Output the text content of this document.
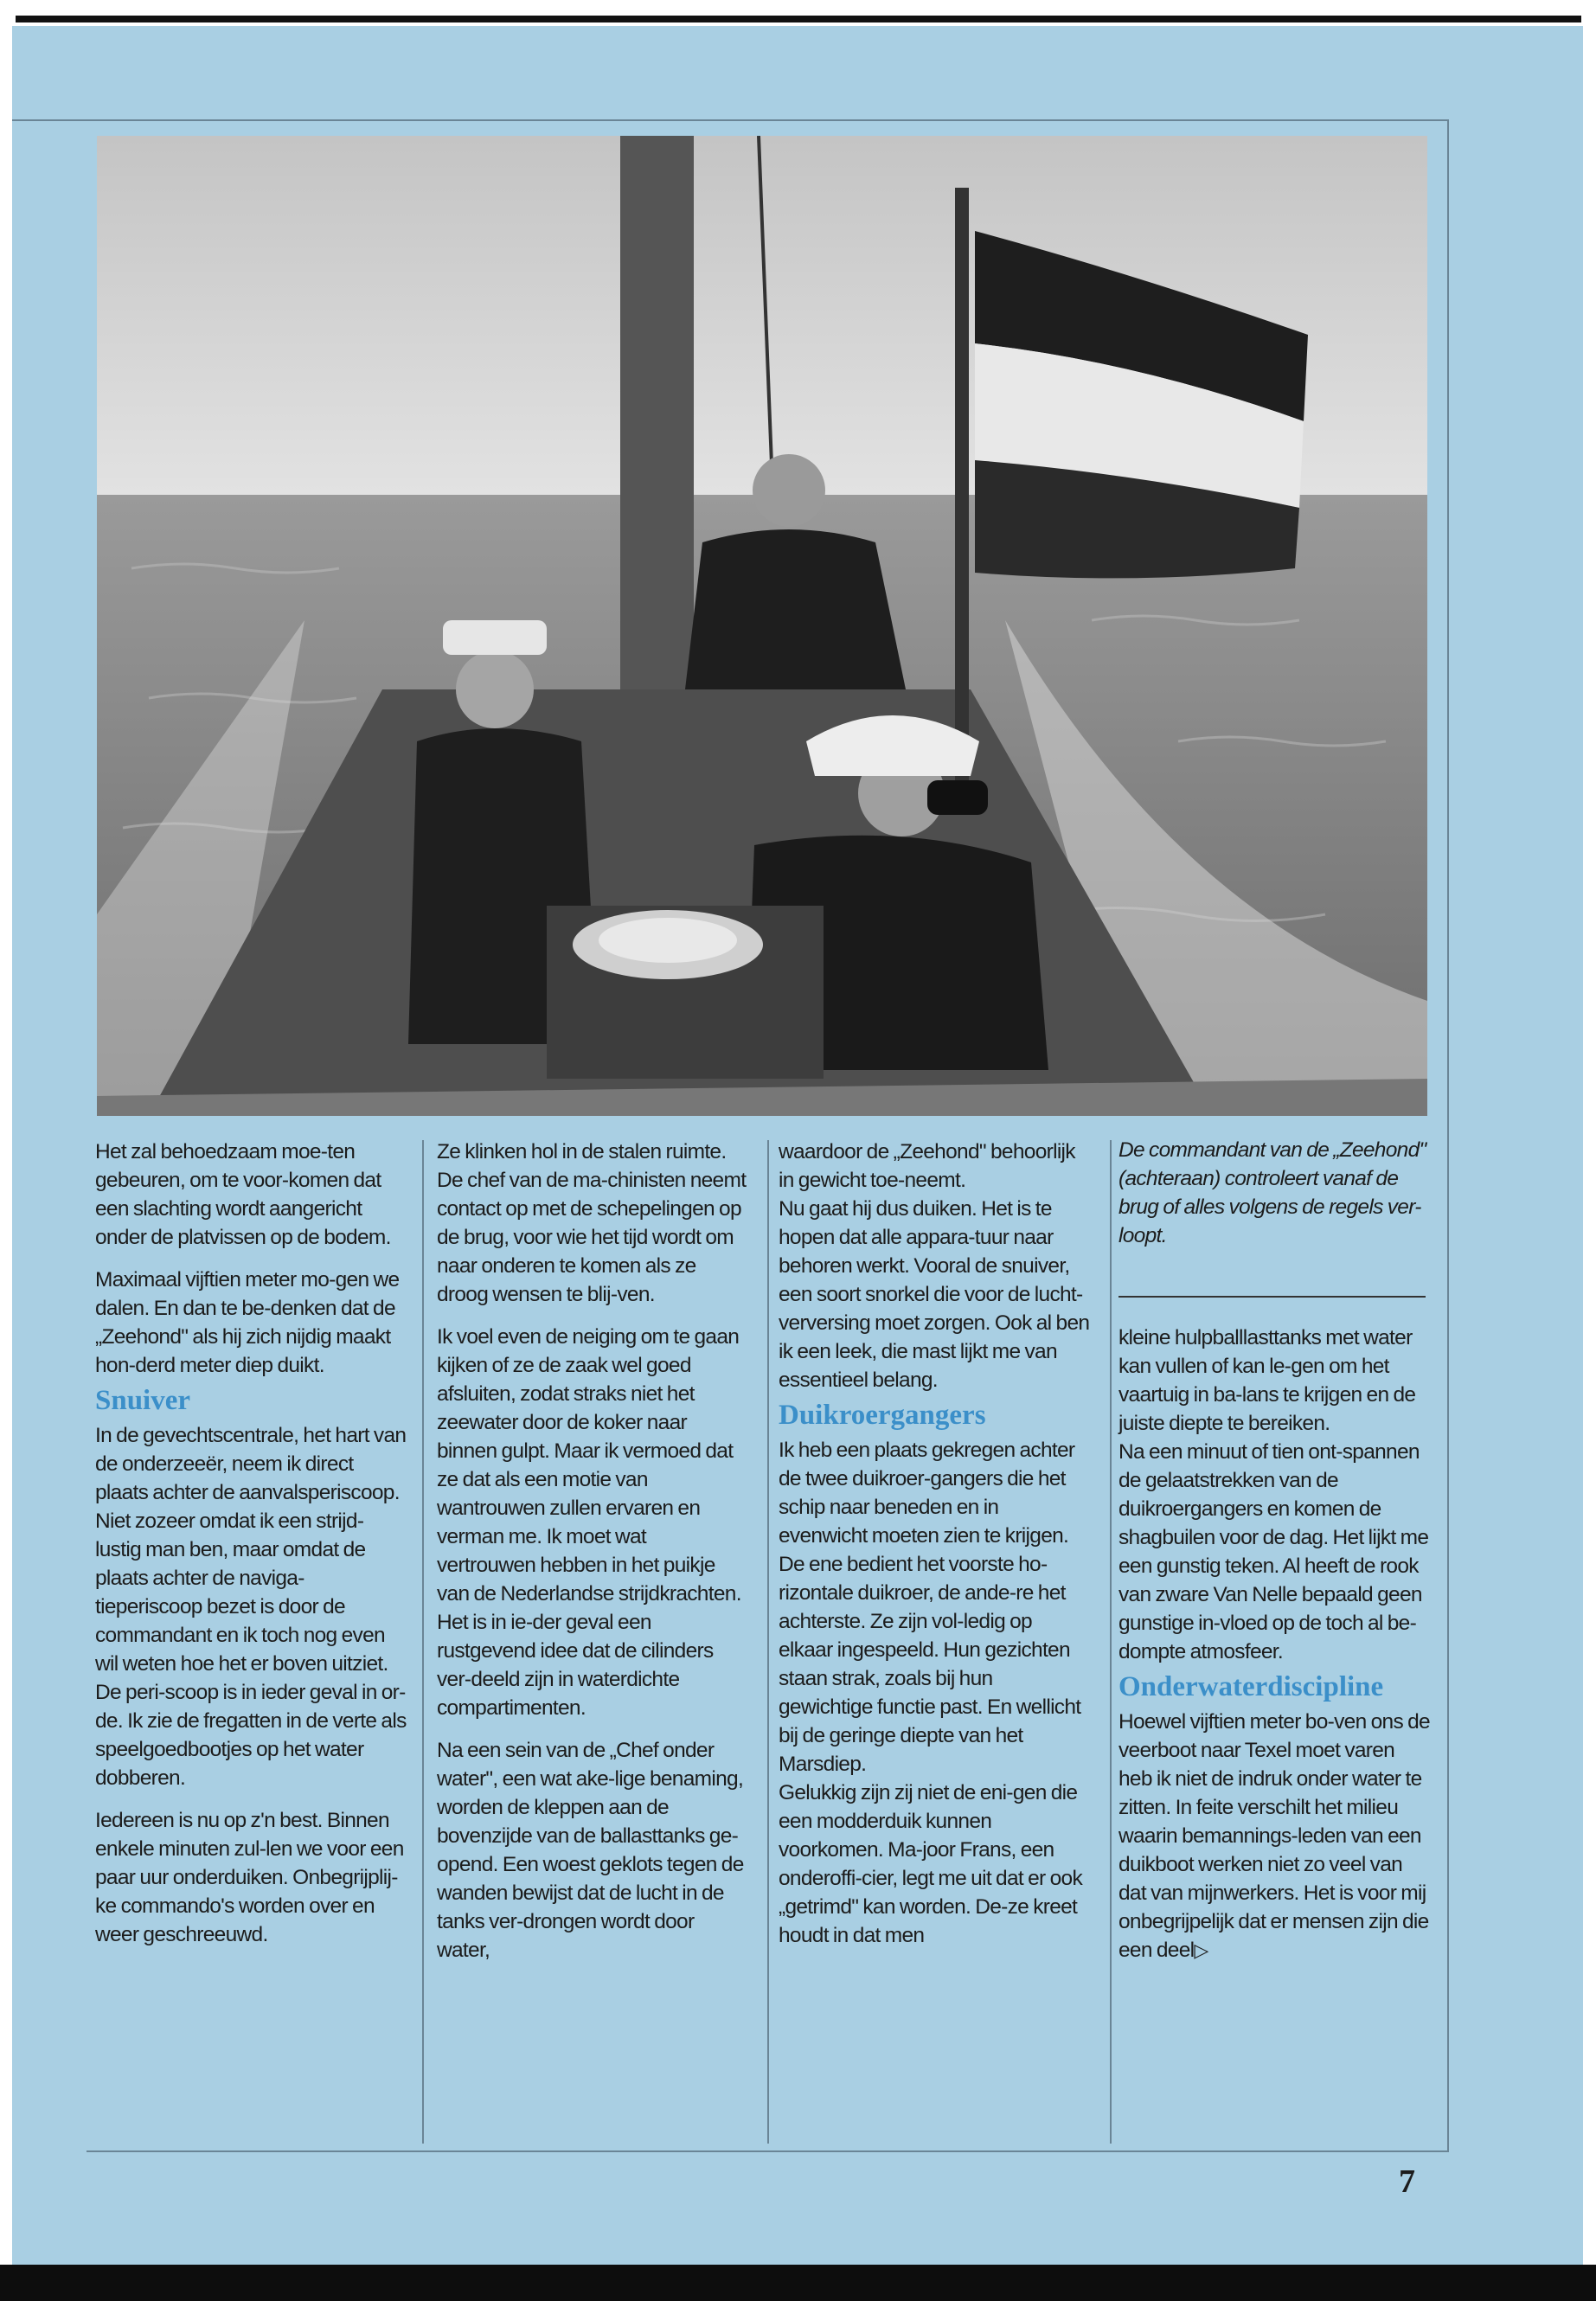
Het zal behoedzaam moe-ten gebeuren, om te voor-komen dat een slachting wordt aangericht onder de platvissen op de bodem.

Maximaal vijftien meter mo-gen we dalen. En dan te be-denken dat de „Zeehond" als hij zich nijdig maakt hon-derd meter diep duikt.

Snuiver

In de gevechtscentrale, het hart van de onderzeeër, neem ik direct plaats achter de aanvalsperiscoop. Niet zozeer omdat ik een strijd-lustig man ben, maar omdat de plaats achter de naviga-tieperiscoop bezet is door de commandant en ik toch nog even wil weten hoe het er boven uitziet. De peri-scoop is in ieder geval in or-de. Ik zie de fregatten in de verte als speelgoedbootjes op het water dobberen.

Iedereen is nu op z'n best. Binnen enkele minuten zul-len we voor een paar uur onderduiken. Onbegrijplij-ke commando's worden over en weer geschreeuwd.

Ze klinken hol in de stalen ruimte. De chef van de ma-chinisten neemt contact op met de schepelingen op de brug, voor wie het tijd wordt om naar onderen te komen als ze droog wensen te blij-ven.

Ik voel even de neiging om te gaan kijken of ze de zaak wel goed afsluiten, zodat straks niet het zeewater door de koker naar binnen gulpt. Maar ik vermoed dat ze dat als een motie van wantrouwen zullen ervaren en verman me. Ik moet wat vertrouwen hebben in het puikje van de Nederlandse strijdkrachten. Het is in ie-der geval een rustgevend idee dat de cilinders ver-deeld zijn in waterdichte compartimenten.

Na een sein van de „Chef onder water", een wat ake-lige benaming, worden de kleppen aan de bovenzijde van de ballasttanks ge-opend. Een woest geklots tegen de wanden bewijst dat de lucht in de tanks ver-drongen wordt door water,

waardoor de „Zeehond" behoorlijk in gewicht toe-neemt.

Nu gaat hij dus duiken. Het is te hopen dat alle appara-tuur naar behoren werkt. Vooral de snuiver, een soort snorkel die voor de lucht-verversing moet zorgen. Ook al ben ik een leek, die mast lijkt me van essentieel belang.

Duikroergangers

Ik heb een plaats gekregen achter de twee duikroer-gangers die het schip naar beneden en in evenwicht moeten zien te krijgen. De ene bedient het voorste ho-rizontale duikroer, de ande-re het achterste. Ze zijn vol-ledig op elkaar ingespeeld. Hun gezichten staan strak, zoals bij hun gewichtige functie past. En wellicht bij de geringe diepte van het Marsdiep.

Gelukkig zijn zij niet de eni-gen die een modderduik kunnen voorkomen. Ma-joor Frans, een onderoffi-cier, legt me uit dat er ook „getrimd" kan worden. De-ze kreet houdt in dat men

De commandant van de „Zeehond" (achteraan) controleert vanaf de brug of alles volgens de regels ver-loopt.

kleine hulpballlasttanks met water kan vullen of kan le-gen om het vaartuig in ba-lans te krijgen en de juiste diepte te bereiken.

Na een minuut of tien ont-spannen de gelaatstrekken van de duikroergangers en komen de shagbuilen voor de dag. Het lijkt me een gunstig teken. Al heeft de rook van zware Van Nelle bepaald geen gunstige in-vloed op de toch al be-dompte atmosfeer.

Onderwaterdiscipline

Hoewel vijftien meter bo-ven ons de veerboot naar Texel moet varen heb ik niet de indruk onder water te zitten. In feite verschilt het milieu waarin bemannings-leden van een duikboot werken niet zo veel van dat van mijnwerkers. Het is voor mij onbegrijpelijk dat er mensen zijn die een deel▷

7
